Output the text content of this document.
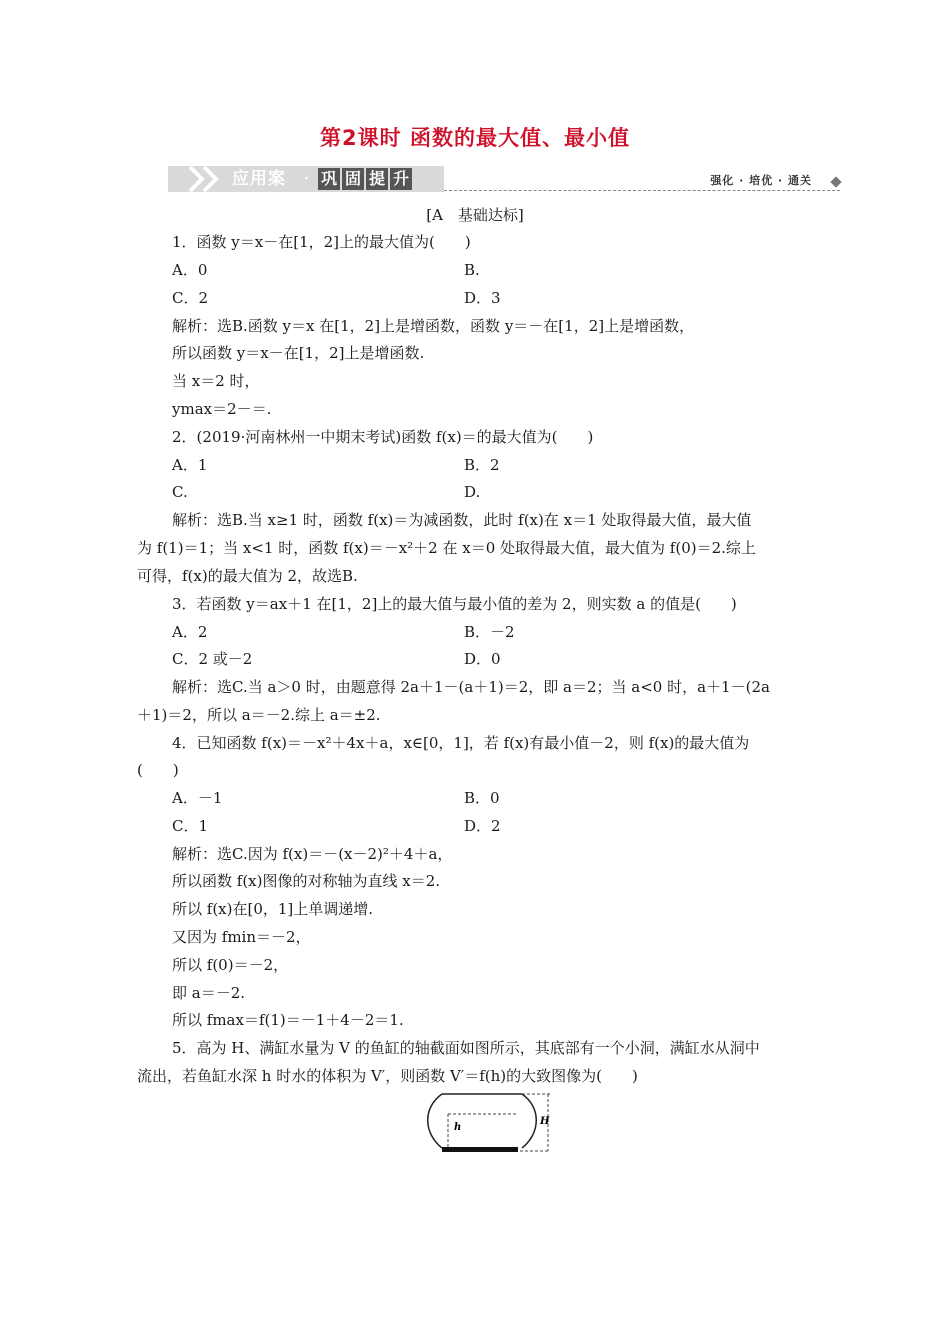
第2课时 函数的最大值、最小值
应用案 · 巩 固 提 升	强化 · 培优 · 通关
[A　基础达标]
1．函数 y＝x－在[1，2]上的最大值为(　　)
A．0	B.
C．2	D．3
解析：选B.函数 y＝x 在[1，2]上是增函数，函数 y＝－在[1，2]上是增函数，
所以函数 y＝x－在[1，2]上是增函数.
当 x＝2 时，
ymax＝2－＝.
2．(2019·河南林州一中期末考试)函数 f(x)＝的最大值为(　　)
A．1	B．2
C.	D.
解析：选B.当 x≥1 时，函数 f(x)＝为减函数，此时 f(x)在 x＝1 处取得最大值，最大值
为 f(1)＝1；当 x<1 时，函数 f(x)＝－x²＋2 在 x＝0 处取得最大值，最大值为 f(0)＝2.综上
可得，f(x)的最大值为 2，故选B.
3．若函数 y＝ax＋1 在[1，2]上的最大值与最小值的差为 2，则实数 a 的值是(　　)
A．2	B．－2
C．2 或－2	D．0
解析：选C.当 a＞0 时，由题意得 2a＋1－(a＋1)＝2，即 a＝2；当 a<0 时，a＋1－(2a
＋1)＝2，所以 a＝－2.综上 a＝±2.
4．已知函数 f(x)＝－x²＋4x＋a，x∈[0，1]，若 f(x)有最小值－2，则 f(x)的最大值为
(　　)
A．－1	B．0
C．1	D．2
解析：选C.因为 f(x)＝－(x－2)²＋4＋a，
所以函数 f(x)图像的对称轴为直线 x＝2.
所以 f(x)在[0，1]上单调递增.
又因为 fmin＝－2，
所以 f(0)＝－2，
即 a＝－2.
所以 fmax＝f(1)＝－1＋4－2＝1.
5．高为 H、满缸水量为 V 的鱼缸的轴截面如图所示，其底部有一个小洞，满缸水从洞中
流出，若鱼缸水深 h 时水的体积为 V′，则函数 V′＝f(h)的大致图像为(　　)
h
H
